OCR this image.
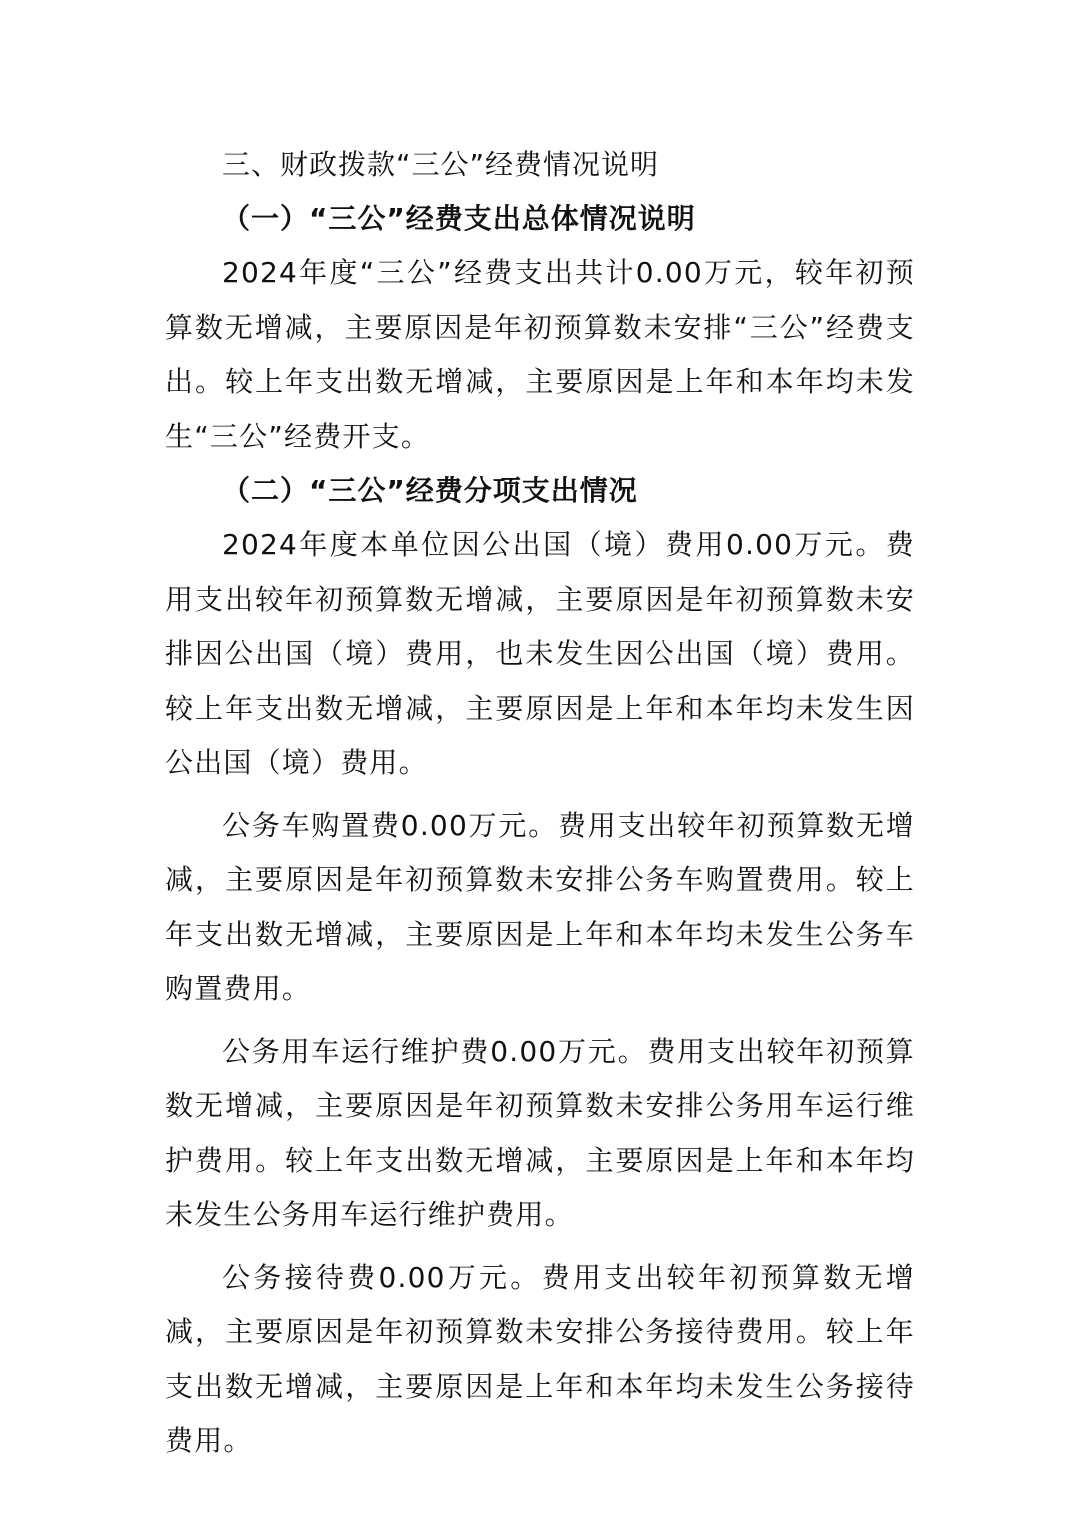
三、财政拨款“三公”经费情况说明
（一）“三公”经费支出总体情况说明

2024年度“三公”经费支出共计0.00万元，较年初预算数无增减，主要原因是年初预算数未安排“三公”经费支出。较上年支出数无增减，主要原因是上年和本年均未发生“三公”经费开支。

（二）“三公”经费分项支出情况

2024年度本单位因公出国（境）费用0.00万元。费用支出较年初预算数无增减，主要原因是年初预算数未安排因公出国（境）费用，也未发生因公出国（境）费用。较上年支出数无增减，主要原因是上年和本年均未发生因公出国（境）费用。

公务车购置费0.00万元。费用支出较年初预算数无增减，主要原因是年初预算数未安排公务车购置费用。较上年支出数无增减，主要原因是上年和本年均未发生公务车购置费用。

公务用车运行维护费0.00万元。费用支出较年初预算数无增减，主要原因是年初预算数未安排公务用车运行维护费用。较上年支出数无增减，主要原因是上年和本年均未发生公务用车运行维护费用。

公务接待费0.00万元。费用支出较年初预算数无增减，主要原因是年初预算数未安排公务接待费用。较上年支出数无增减，主要原因是上年和本年均未发生公务接待费用。
